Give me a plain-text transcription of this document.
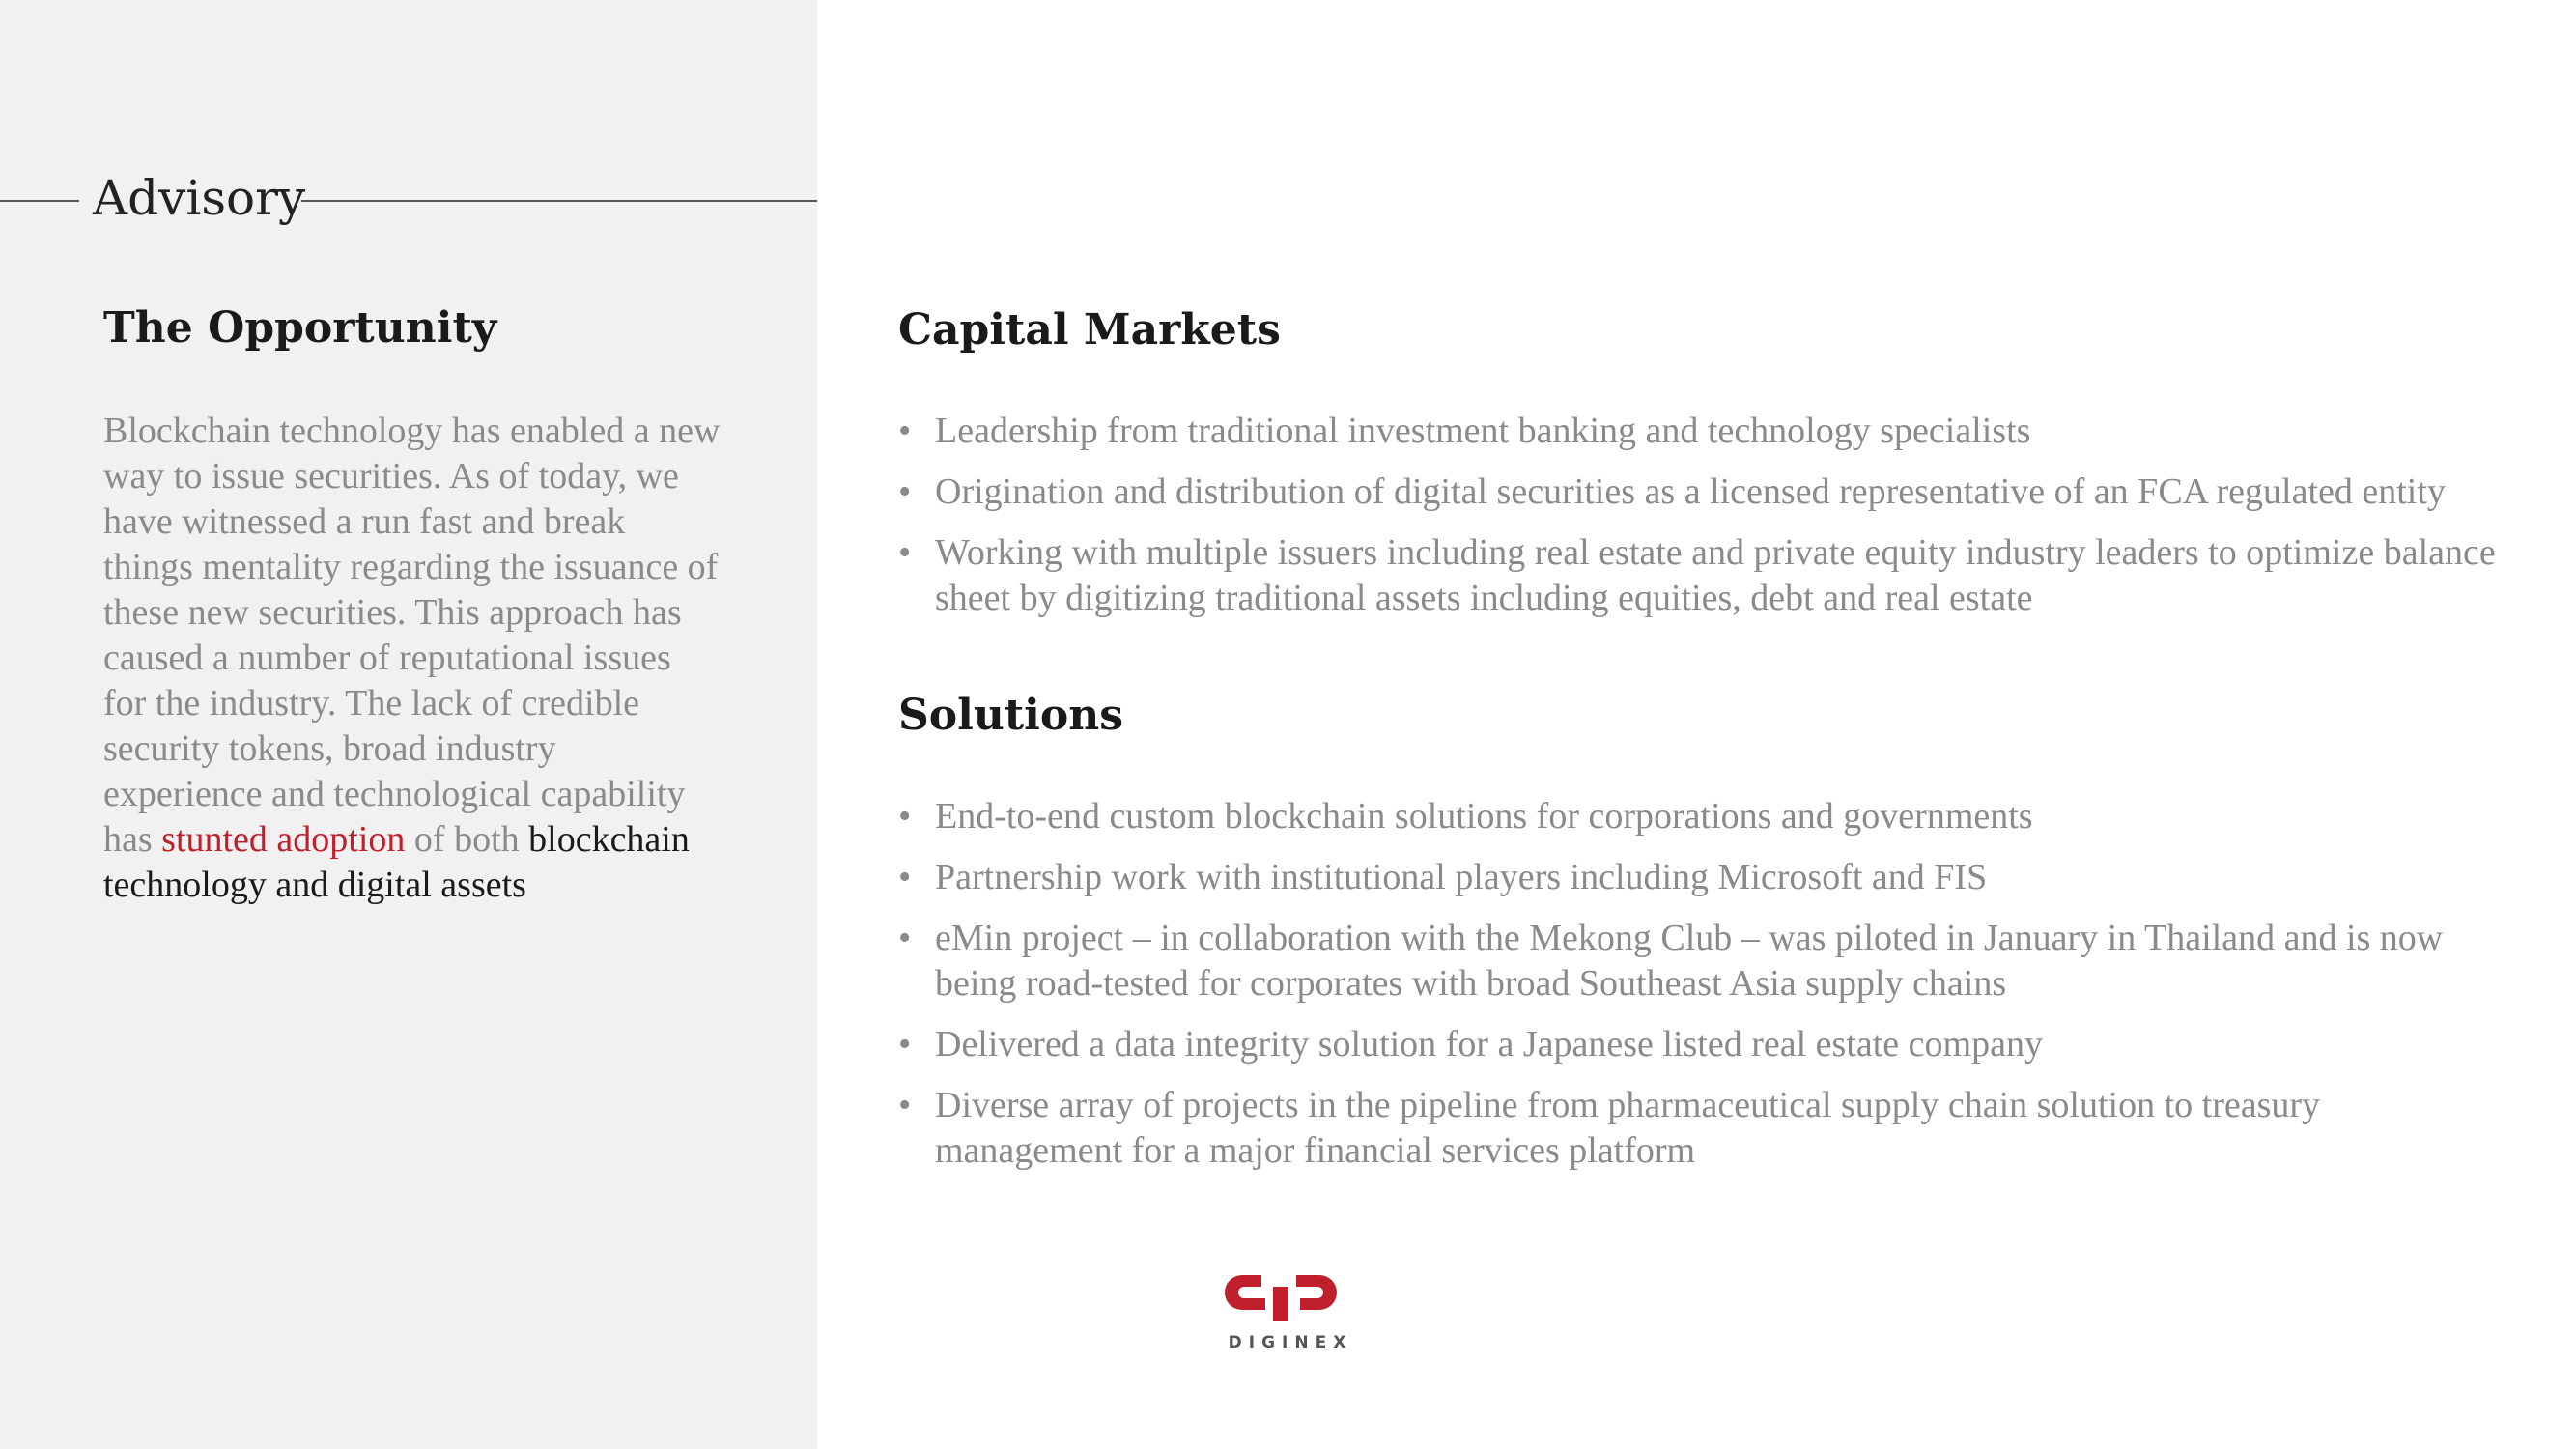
Advisory
The Opportunity
Blockchain technology has enabled a new way to issue securities. As of today, we have witnessed a run fast and break things mentality regarding the issuance of these new securities. This approach has caused a number of reputational issues for the industry. The lack of credible security tokens, broad industry experience and technological capability has stunted adoption of both blockchain technology and digital assets
Capital Markets
• Leadership from traditional investment banking and technology specialists
• Origination and distribution of digital securities as a licensed representative of an FCA regulated entity
• Working with multiple issuers including real estate and private equity industry leaders to optimize balance sheet by digitizing traditional assets including equities, debt and real estate
Solutions
• End-to-end custom blockchain solutions for corporations and governments
• Partnership work with institutional players including Microsoft and FIS
• eMin project – in collaboration with the Mekong Club – was piloted in January in Thailand and is now being road-tested for corporates with broad Southeast Asia supply chains
• Delivered a data integrity solution for a Japanese listed real estate company
• Diverse array of projects in the pipeline from pharmaceutical supply chain solution to treasury management for a major financial services platform
DIGINEX
